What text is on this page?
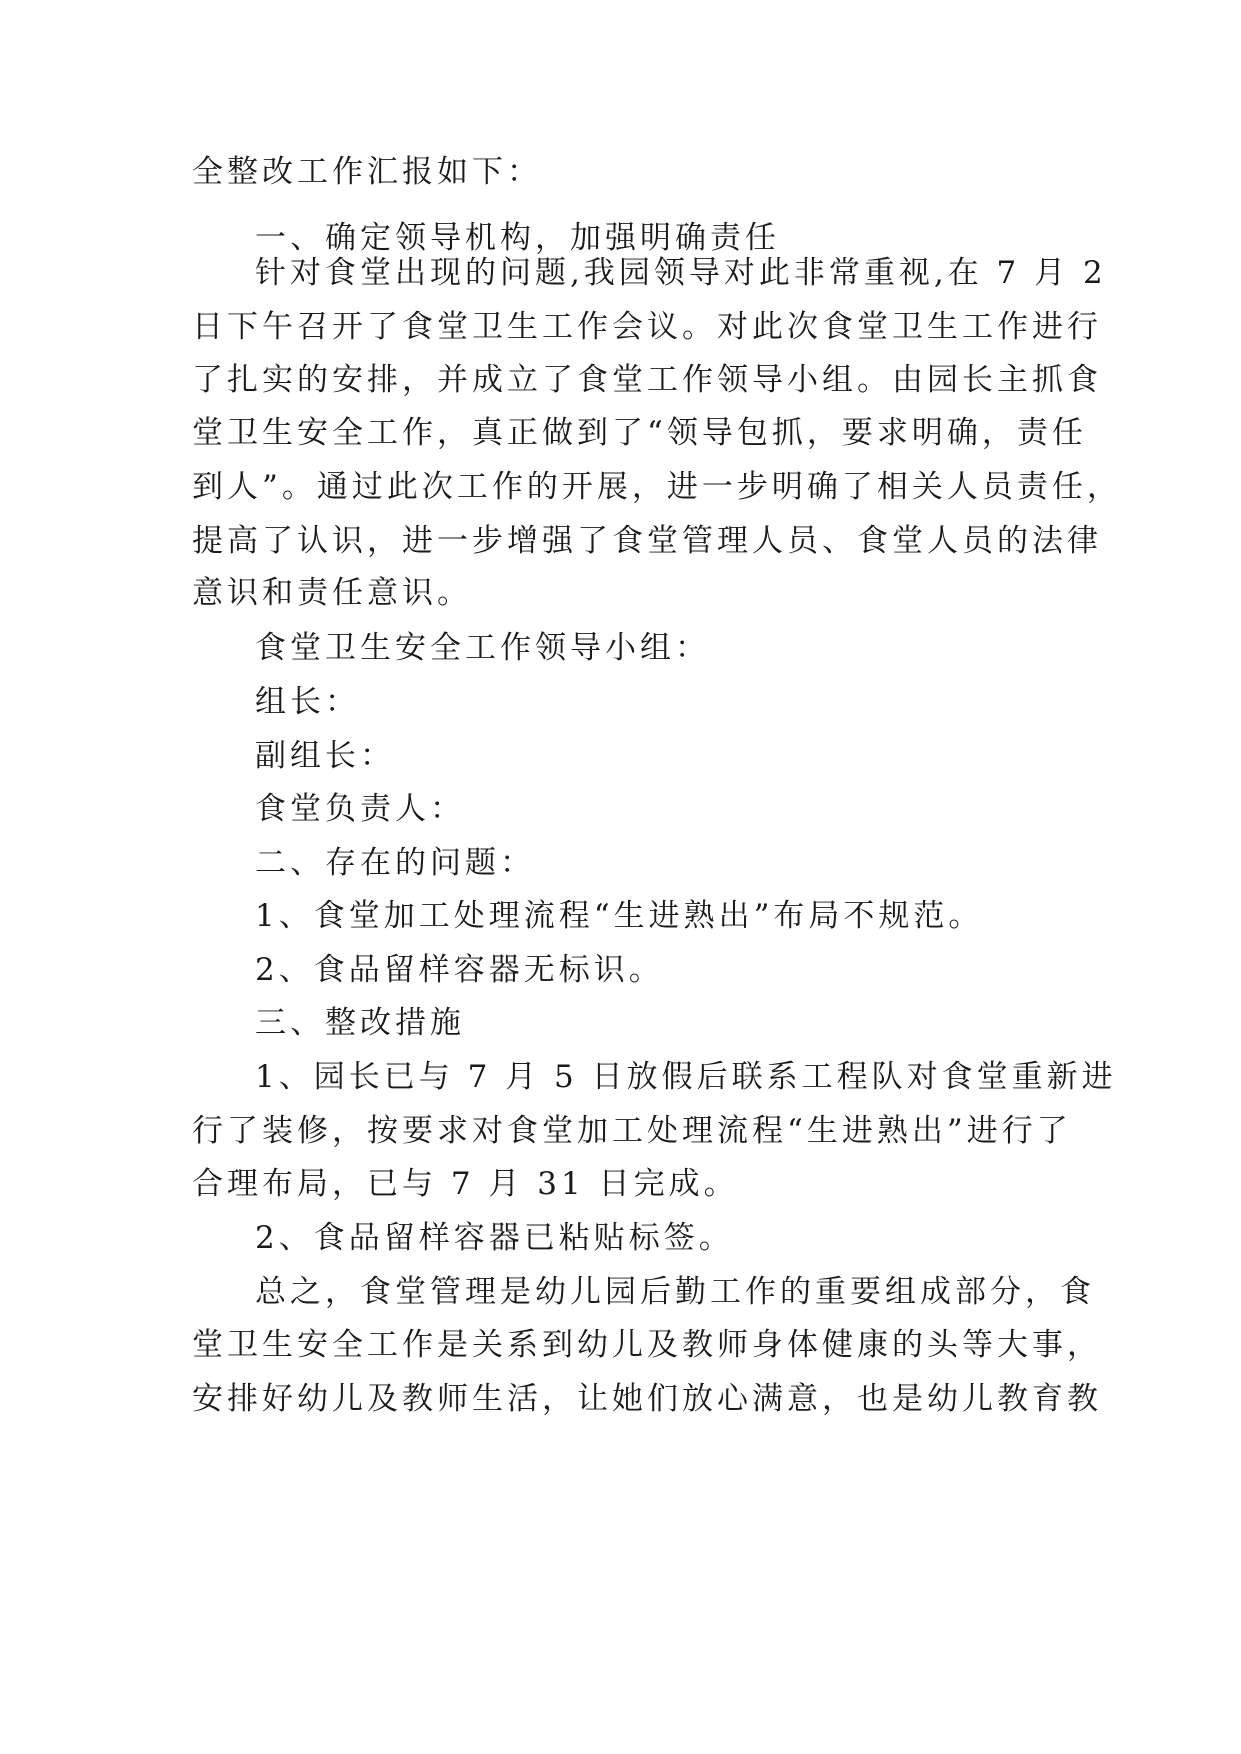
全整改工作汇报如下：
一、确定领导机构，加强明确责任
针对食堂出现的问题,我园领导对此非常重视,在 7 月 2
日下午召开了食堂卫生工作会议。对此次食堂卫生工作进行
了扎实的安排，并成立了食堂工作领导小组。由园长主抓食
堂卫生安全工作，真正做到了“领导包抓，要求明确，责任
到人”。通过此次工作的开展，进一步明确了相关人员责任，
提高了认识，进一步增强了食堂管理人员、食堂人员的法律
意识和责任意识。
食堂卫生安全工作领导小组：
组长：
副组长：
食堂负责人：
二、存在的问题：
1、食堂加工处理流程“生进熟出”布局不规范。
2、食品留样容器无标识。
三、整改措施
1、园长已与 7 月 5 日放假后联系工程队对食堂重新进
行了装修，按要求对食堂加工处理流程“生进熟出”进行了
合理布局，已与 7 月 31 日完成。
2、食品留样容器已粘贴标签。
总之，食堂管理是幼儿园后勤工作的重要组成部分，食
堂卫生安全工作是关系到幼儿及教师身体健康的头等大事，
安排好幼儿及教师生活，让她们放心满意，也是幼儿教育教
